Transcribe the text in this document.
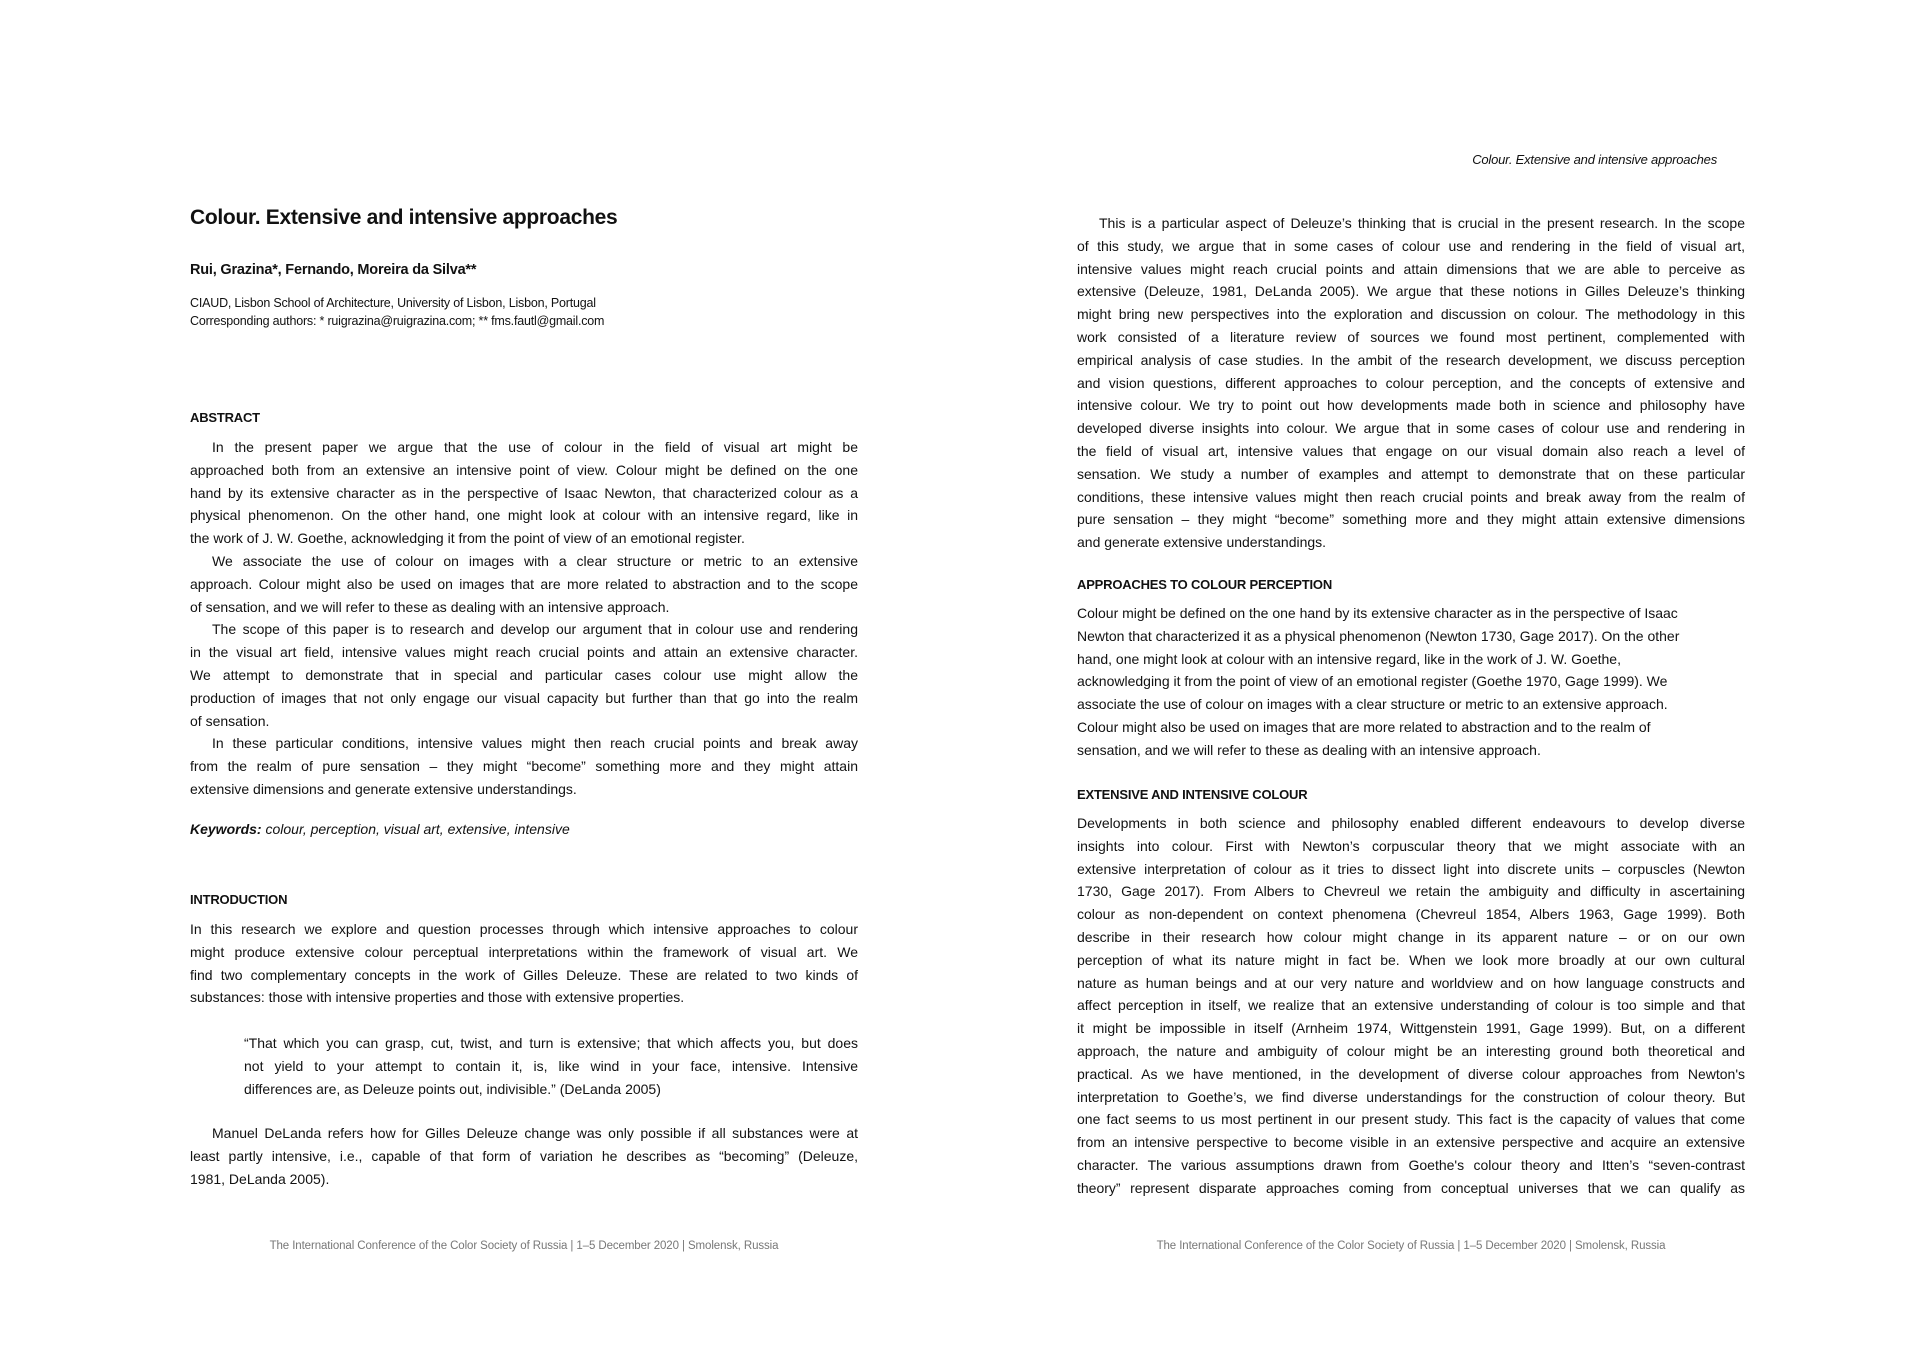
Colour. Extensive and intensive approaches
Rui, Grazina*, Fernando, Moreira da Silva**
CIAUD, Lisbon School of Architecture, University of Lisbon, Lisbon, Portugal
Corresponding authors: * ruigrazina@ruigrazina.com; ** fms.fautl@gmail.com
ABSTRACT
In the present paper we argue that the use of colour in the field of visual art might be
approached both from an extensive an intensive point of view. Colour might be defined on the one
hand by its extensive character as in the perspective of Isaac Newton, that characterized colour as a
physical phenomenon. On the other hand, one might look at colour with an intensive regard, like in
the work of J. W. Goethe, acknowledging it from the point of view of an emotional register.
We associate the use of colour on images with a clear structure or metric to an extensive
approach. Colour might also be used on images that are more related to abstraction and to the scope
of sensation, and we will refer to these as dealing with an intensive approach.
The scope of this paper is to research and develop our argument that in colour use and rendering
in the visual art field, intensive values might reach crucial points and attain an extensive character.
We attempt to demonstrate that in special and particular cases colour use might allow the
production of images that not only engage our visual capacity but further than that go into the realm
of sensation.
In these particular conditions, intensive values might then reach crucial points and break away
from the realm of pure sensation – they might “become” something more and they might attain
extensive dimensions and generate extensive understandings.
Keywords: colour, perception, visual art, extensive, intensive
INTRODUCTION
In this research we explore and question processes through which intensive approaches to colour
might produce extensive colour perceptual interpretations within the framework of visual art. We
find two complementary concepts in the work of Gilles Deleuze. These are related to two kinds of
substances: those with intensive properties and those with extensive properties.
“That which you can grasp, cut, twist, and turn is extensive; that which affects you, but does
not yield to your attempt to contain it, is, like wind in your face, intensive. Intensive
differences are, as Deleuze points out, indivisible.” (DeLanda 2005)
Manuel DeLanda refers how for Gilles Deleuze change was only possible if all substances were at
least partly intensive, i.e., capable of that form of variation he describes as “becoming” (Deleuze,
1981, DeLanda 2005).
The International Conference of the Color Society of Russia | 1–5 December 2020 | Smolensk, Russia
Colour. Extensive and intensive approaches
This is a particular aspect of Deleuze’s thinking that is crucial in the present research. In the scope
of this study, we argue that in some cases of colour use and rendering in the field of visual art,
intensive values might reach crucial points and attain dimensions that we are able to perceive as
extensive (Deleuze, 1981, DeLanda 2005). We argue that these notions in Gilles Deleuze’s thinking
might bring new perspectives into the exploration and discussion on colour. The methodology in this
work consisted of a literature review of sources we found most pertinent, complemented with
empirical analysis of case studies. In the ambit of the research development, we discuss perception
and vision questions, different approaches to colour perception, and the concepts of extensive and
intensive colour. We try to point out how developments made both in science and philosophy have
developed diverse insights into colour. We argue that in some cases of colour use and rendering in
the field of visual art, intensive values that engage on our visual domain also reach a level of
sensation. We study a number of examples and attempt to demonstrate that on these particular
conditions, these intensive values might then reach crucial points and break away from the realm of
pure sensation – they might “become” something more and they might attain extensive dimensions
and generate extensive understandings.
APPROACHES TO COLOUR PERCEPTION
Colour might be defined on the one hand by its extensive character as in the perspective of Isaac
Newton that characterized it as a physical phenomenon (Newton 1730, Gage 2017). On the other
hand, one might look at colour with an intensive regard, like in the work of J. W. Goethe,
acknowledging it from the point of view of an emotional register (Goethe 1970, Gage 1999). We
associate the use of colour on images with a clear structure or metric to an extensive approach.
Colour might also be used on images that are more related to abstraction and to the realm of
sensation, and we will refer to these as dealing with an intensive approach.
EXTENSIVE AND INTENSIVE COLOUR
Developments in both science and philosophy enabled different endeavours to develop diverse
insights into colour. First with Newton’s corpuscular theory that we might associate with an
extensive interpretation of colour as it tries to dissect light into discrete units – corpuscles (Newton
1730, Gage 2017). From Albers to Chevreul we retain the ambiguity and difficulty in ascertaining
colour as non-dependent on context phenomena (Chevreul 1854, Albers 1963, Gage 1999). Both
describe in their research how colour might change in its apparent nature – or on our own
perception of what its nature might in fact be. When we look more broadly at our own cultural
nature as human beings and at our very nature and worldview and on how language constructs and
affect perception in itself, we realize that an extensive understanding of colour is too simple and that
it might be impossible in itself (Arnheim 1974, Wittgenstein 1991, Gage 1999). But, on a different
approach, the nature and ambiguity of colour might be an interesting ground both theoretical and
practical. As we have mentioned, in the development of diverse colour approaches from Newton's
interpretation to Goethe’s, we find diverse understandings for the construction of colour theory. But
one fact seems to us most pertinent in our present study. This fact is the capacity of values that come
from an intensive perspective to become visible in an extensive perspective and acquire an extensive
character. The various assumptions drawn from Goethe's colour theory and Itten’s “seven-contrast
theory” represent disparate approaches coming from conceptual universes that we can qualify as
The International Conference of the Color Society of Russia | 1–5 December 2020 | Smolensk, Russia
